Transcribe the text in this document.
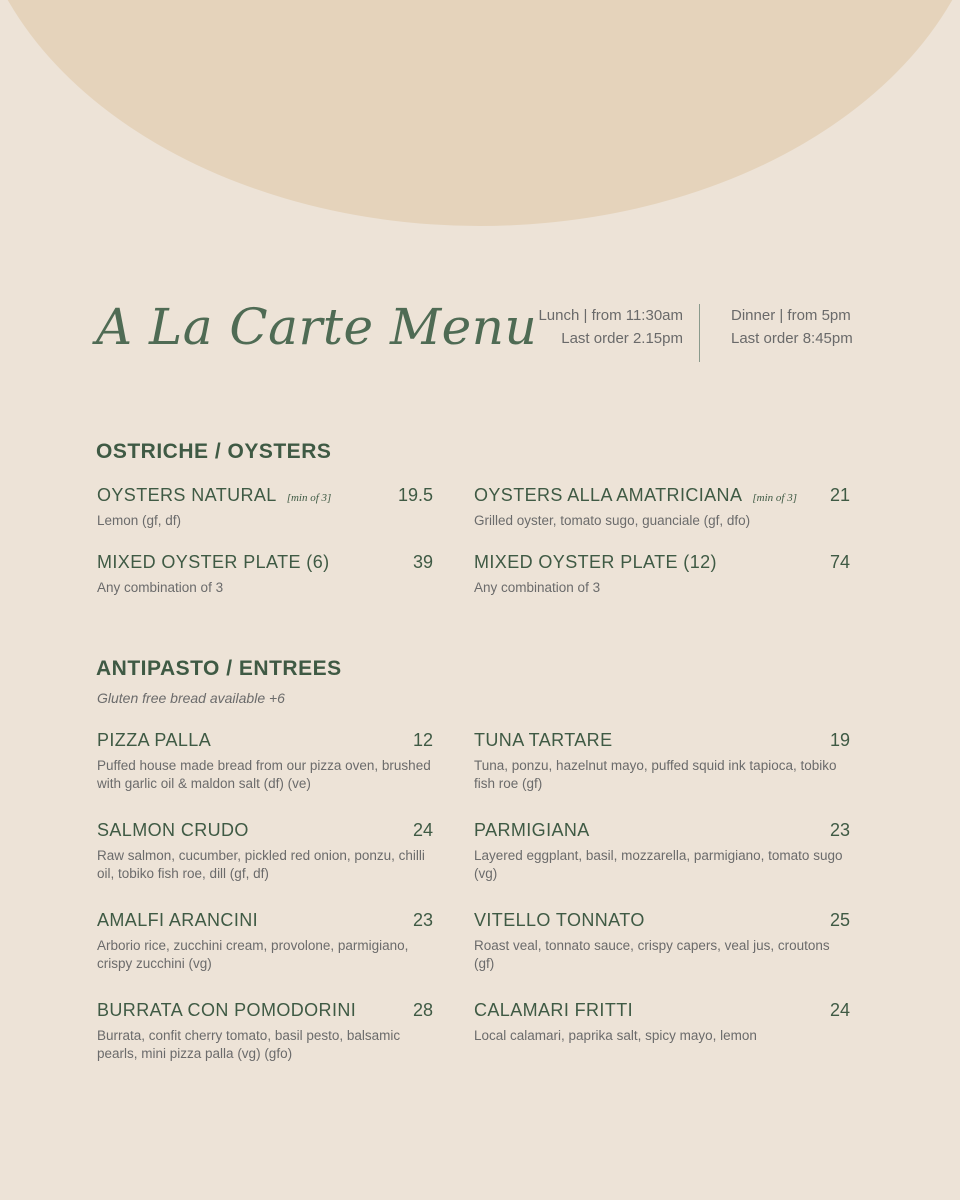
A La Carte Menu Lunch | from 11:30am
Last order 2.15pm
Dinner | from 5pm
Last order 8:45pm
OSTRICHE / OYSTERS
OYSTERS NATURAL [min of 3]	19.5
Lemon (gf, df)
OYSTERS ALLA AMATRICIANA [min of 3]	21
Grilled oyster, tomato sugo, guanciale (gf, dfo)
MIXED OYSTER PLATE (6)	39
Any combination of 3
MIXED OYSTER PLATE (12)	74
Any combination of 3
ANTIPASTO / ENTREES
Gluten free bread available +6
PIZZA PALLA	12
Puffed house made bread from our pizza oven, brushed with garlic oil & maldon salt (df) (ve)
TUNA TARTARE	19
Tuna, ponzu, hazelnut mayo, puffed squid ink tapioca, tobiko fish roe (gf)
SALMON CRUDO	24
Raw salmon, cucumber, pickled red onion, ponzu, chilli oil, tobiko fish roe, dill (gf, df)
PARMIGIANA	23
Layered eggplant, basil, mozzarella, parmigiano, tomato sugo (vg)
AMALFI ARANCINI	23
Arborio rice, zucchini cream, provolone, parmigiano, crispy zucchini (vg)
VITELLO TONNATO	25
Roast veal, tonnato sauce, crispy capers, veal jus, croutons (gf)
BURRATA CON POMODORINI	28
Burrata, confit cherry tomato, basil pesto, balsamic pearls, mini pizza palla (vg) (gfo)
CALAMARI FRITTI	24
Local calamari, paprika salt, spicy mayo, lemon
